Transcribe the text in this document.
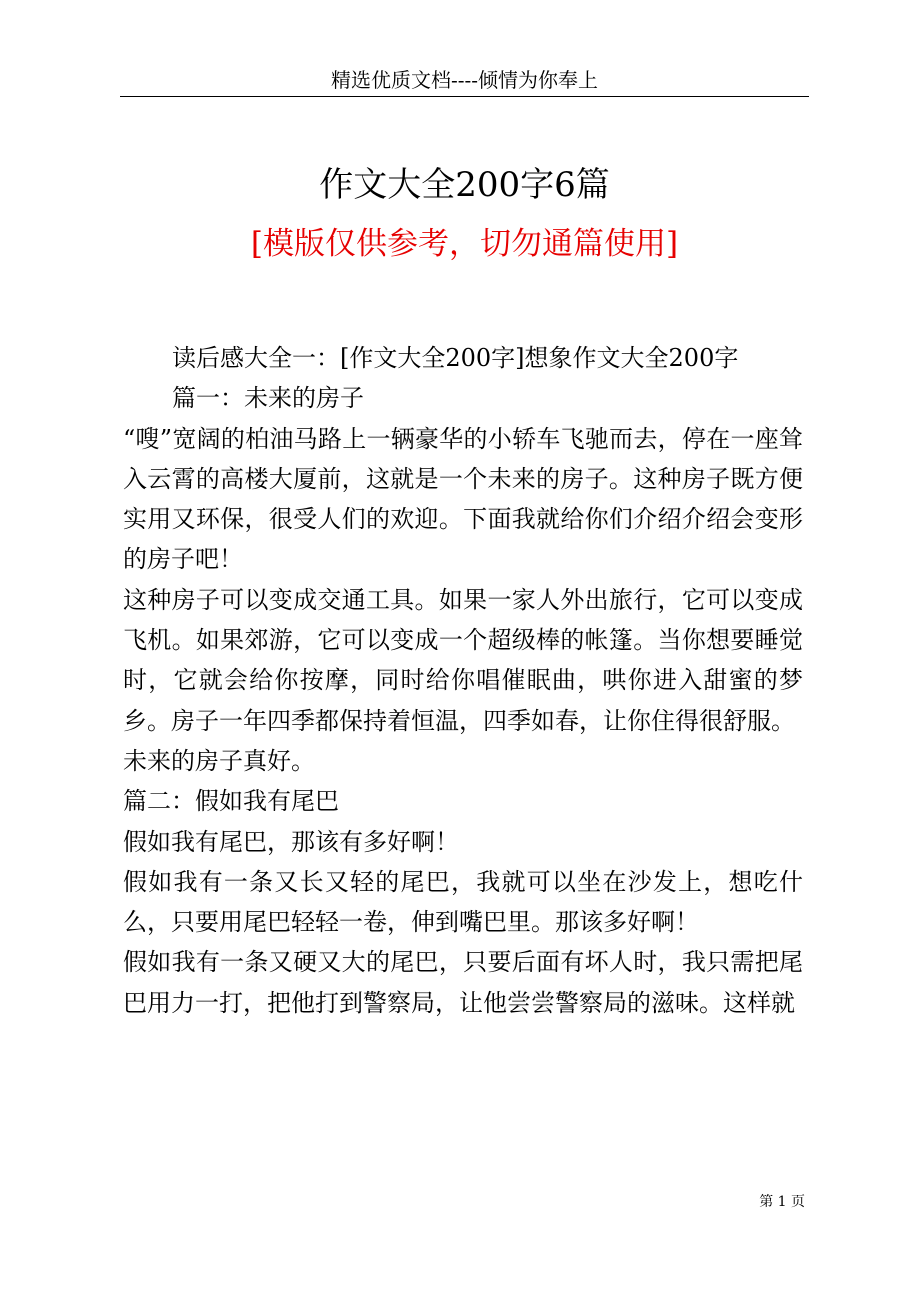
精选优质文档----倾情为你奉上
作文大全200字6篇
[模版仅供参考，切勿通篇使用]

读后感大全一：[作文大全200字]想象作文大全200字

篇一：未来的房子

“嗖”宽阔的柏油马路上一辆豪华的小轿车飞驰而去，停在一座耸入云霄的高楼大厦前，这就是一个未来的房子。这种房子既方便实用又环保，很受人们的欢迎。下面我就给你们介绍介绍会变形的房子吧！

这种房子可以变成交通工具。如果一家人外出旅行，它可以变成飞机。如果郊游，它可以变成一个超级棒的帐篷。当你想要睡觉时，它就会给你按摩，同时给你唱催眠曲，哄你进入甜蜜的梦乡。房子一年四季都保持着恒温，四季如春，让你住得很舒服。

未来的房子真好。

篇二：假如我有尾巴

假如我有尾巴，那该有多好啊！

假如我有一条又长又轻的尾巴，我就可以坐在沙发上，想吃什么，只要用尾巴轻轻一卷，伸到嘴巴里。那该多好啊！

假如我有一条又硬又大的尾巴，只要后面有坏人时，我只需把尾巴用力一打，把他打到警察局，让他尝尝警察局的滋味。这样就

第 1 页
